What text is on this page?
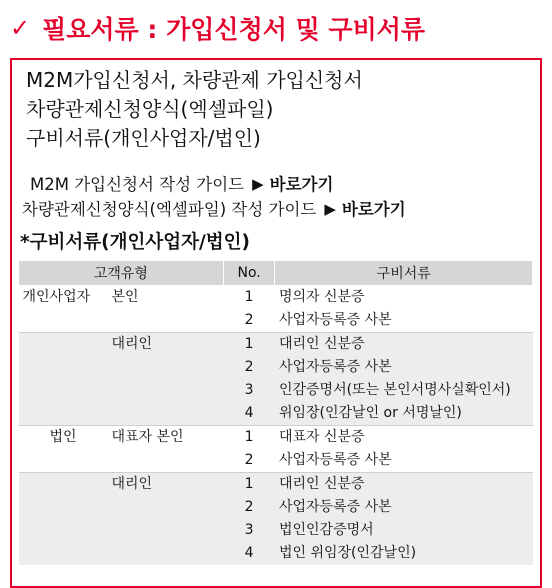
✓ 필요서류 : 가입신청서 및 구비서류
M2M가입신청서, 차량관제 가입신청서
차량관제신청양식(엑셀파일)
구비서류(개인사업자/법인)
M2M 가입신청서 작성 가이드 ▶ 바로가기
차량관제신청양식(엑셀파일) 작성 가이드 ▶ 바로가기
*구비서류(개인사업자/법인)
고객유형		No.	구비서류
개인사업자	본인	1	명의자 신분증
		2	사업자등록증 사본
	대리인	1	대리인 신분증
		2	사업자등록증 사본
		3	인감증명서(또는 본인서명사실확인서)
		4	위임장(인감날인 or 서명날인)
법인	대표자 본인	1	대표자 신분증
		2	사업자등록증 사본
	대리인	1	대리인 신분증
		2	사업자등록증 사본
		3	법인인감증명서
		4	법인 위임장(인감날인)
